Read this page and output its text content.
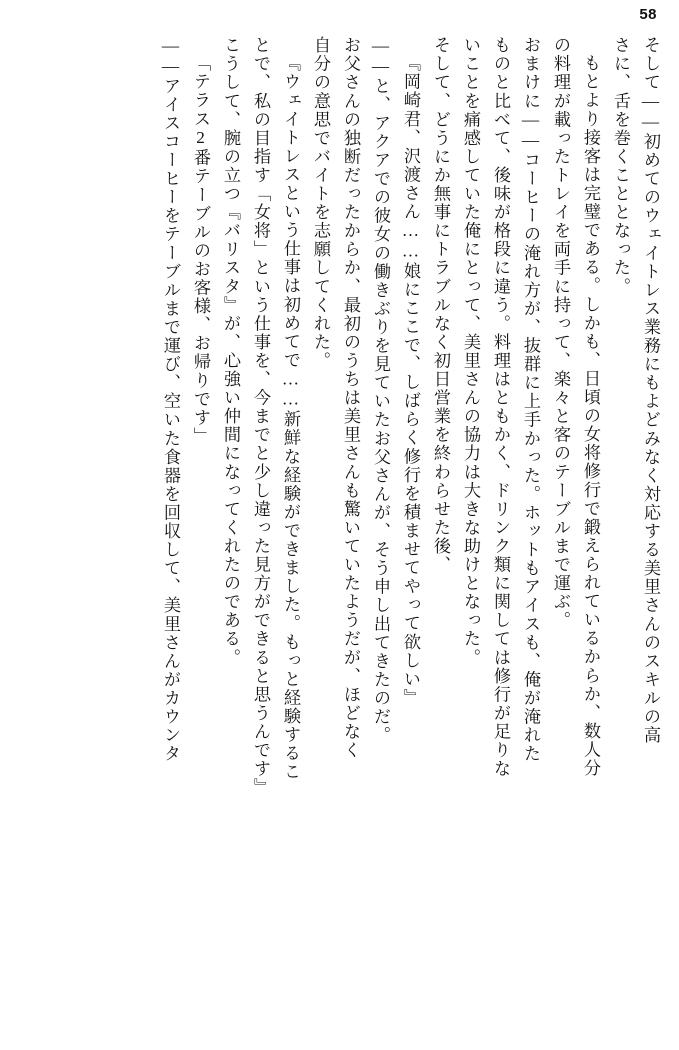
58
そして――初めてのウェイトレス業務にもよどみなく対応する美里さんのスキルの高
さに、舌を巻くこととなった。
もとより接客は完璧である。しかも、日頃の女将修行で鍛えられているからか、数人分
の料理が載ったトレイを両手に持って、楽々と客のテーブルまで運ぶ。
おまけに――コーヒーの淹れ方が、抜群に上手かった。ホットもアイスも、俺が淹れた
ものと比べて、後味が格段に違う。料理はともかく、ドリンク類に関しては修行が足りな
いことを痛感していた俺にとって、美里さんの協力は大きな助けとなった。
そして、どうにか無事にトラブルなく初日営業を終わらせた後、
『岡崎君、沢渡さん……娘にここで、しばらく修行を積ませてやって欲しい』
――と、アクアでの彼女の働きぶりを見ていたお父さんが、そう申し出てきたのだ。
お父さんの独断だったからか、最初のうちは美里さんも驚いていたようだが、ほどなく
自分の意思でバイトを志願してくれた。
『ウェイトレスという仕事は初めてで……新鮮な経験ができました。もっと経験するこ
とで、私の目指す「女将」という仕事を、今までと少し違った見方ができると思うんです』
こうして、腕の立つ『バリスタ』が、心強い仲間になってくれたのである。
「テラス2番テーブルのお客様、お帰りです」
――アイスコーヒーをテーブルまで運び、空いた食器を回収して、美里さんがカウンタ
